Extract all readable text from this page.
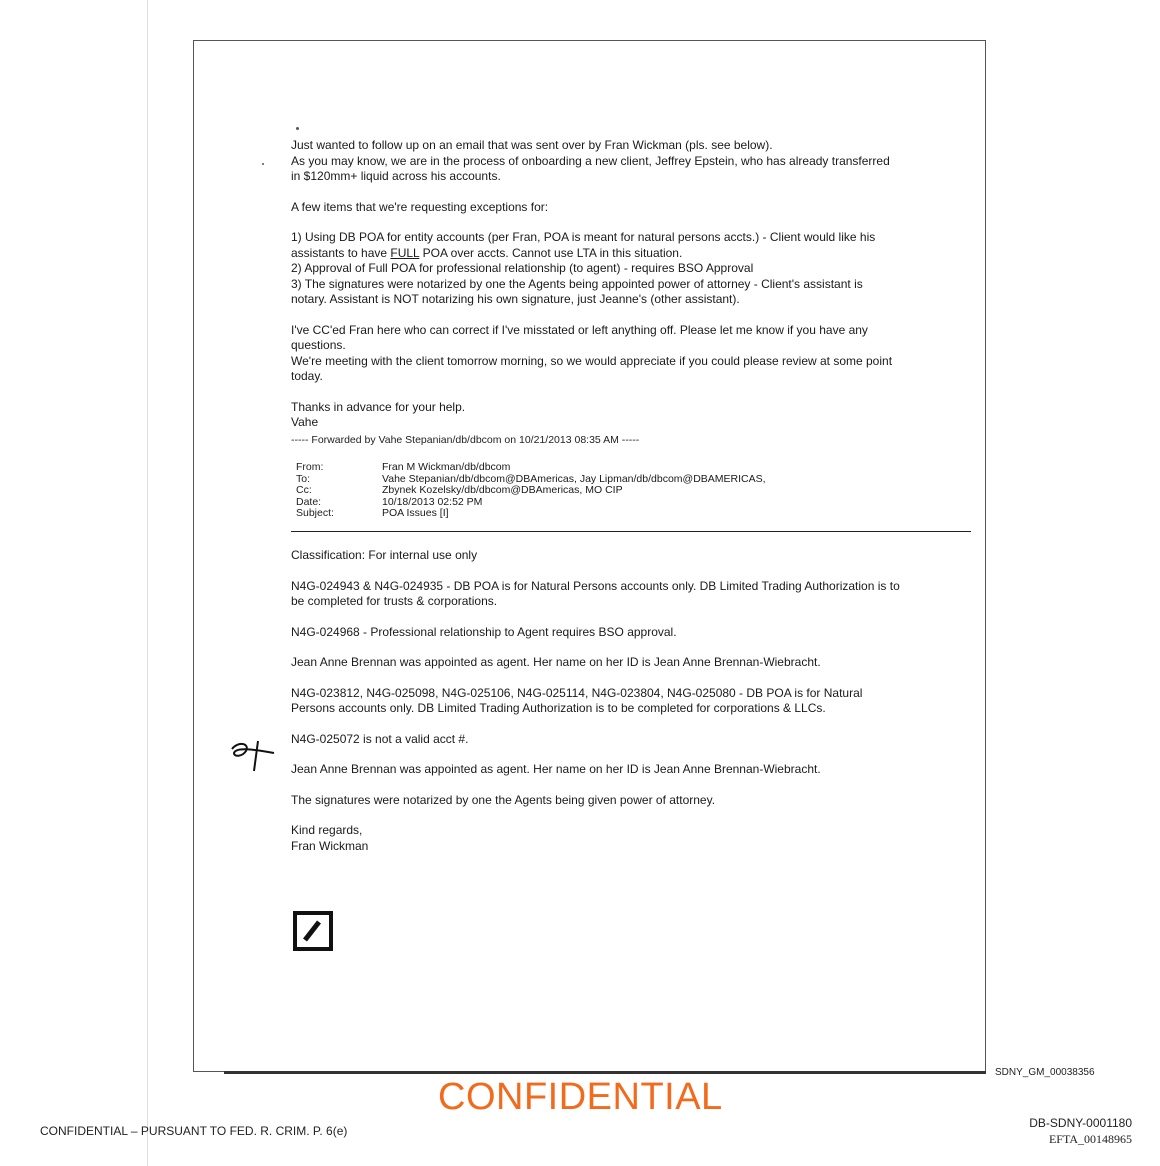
Just wanted to follow up on an email that was sent over by Fran Wickman (pls. see below).

As you may know, we are in the process of onboarding a new client, Jeffrey Epstein, who has already transferred in $120mm+ liquid across his accounts.

A few items that we're requesting exceptions for:

1) Using DB POA for entity accounts (per Fran, POA is meant for natural persons accts.) - Client would like his assistants to have FULL POA over accts. Cannot use LTA in this situation.

2) Approval of Full POA for professional relationship (to agent) - requires BSO Approval

3) The signatures were notarized by one the Agents being appointed power of attorney - Client's assistant is notary. Assistant is NOT notarizing his own signature, just Jeanne's (other assistant).

I've CC'ed Fran here who can correct if I've misstated or left anything off. Please let me know if you have any questions.

We're meeting with the client tomorrow morning, so we would appreciate if you could please review at some point today.

Thanks in advance for your help.

Vahe

----- Forwarded by Vahe Stepanian/db/dbcom on 10/21/2013 08:35 AM -----
From:	Fran M Wickman/db/dbcom
To:	Vahe Stepanian/db/dbcom@DBAmericas, Jay Lipman/db/dbcom@DBAMERICAS,
Cc:	Zbynek Kozelsky/db/dbcom@DBAmericas, MO CIP
Date:	10/18/2013 02:52 PM
Subject:	POA Issues [I]

Classification: For internal use only

N4G-024943 & N4G-024935 - DB POA is for Natural Persons accounts only. DB Limited Trading Authorization is to be completed for trusts & corporations.

N4G-024968 - Professional relationship to Agent requires BSO approval.

Jean Anne Brennan was appointed as agent. Her name on her ID is Jean Anne Brennan-Wiebracht.

N4G-023812, N4G-025098, N4G-025106, N4G-025114, N4G-023804, N4G-025080 - DB POA is for Natural Persons accounts only. DB Limited Trading Authorization is to be completed for corporations & LLCs.

N4G-025072 is not a valid acct #.

Jean Anne Brennan was appointed as agent. Her name on her ID is Jean Anne Brennan-Wiebracht.

The signatures were notarized by one the Agents being given power of attorney.

Kind regards,

Fran Wickman

SDNY_GM_00038356
CONFIDENTIAL
CONFIDENTIAL – PURSUANT TO FED. R. CRIM. P. 6(e)
DB-SDNY-0001180
EFTA_00148965
